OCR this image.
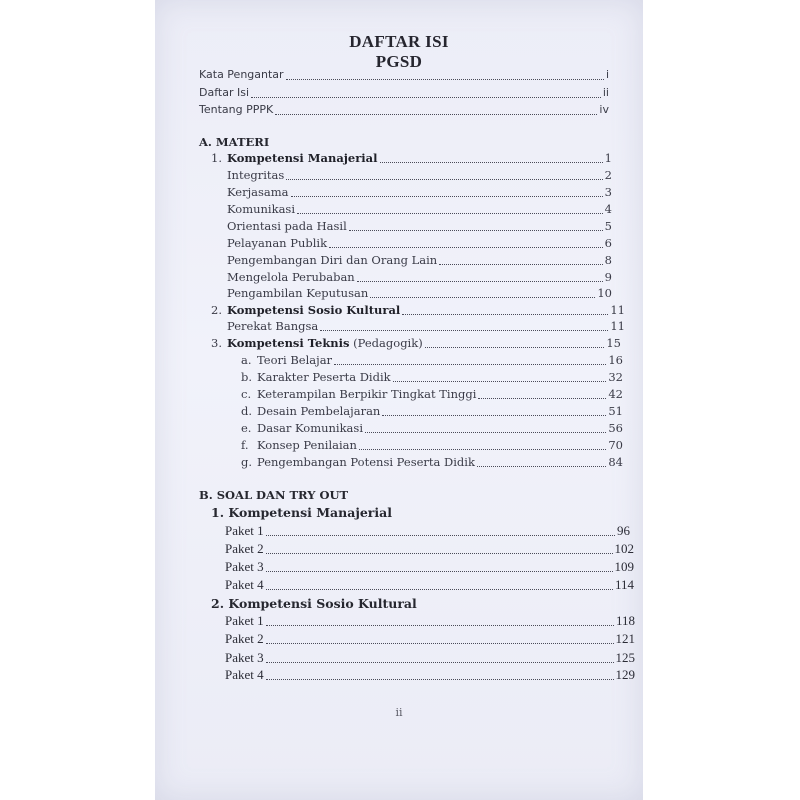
DAFTAR ISI
PGSD
Kata Pengantar	i
Daftar Isi	ii
Tentang PPPK	iv
A. MATERI
1. Kompetensi Manajerial	1
Integritas	2
Kerjasama	3
Komunikasi	4
Orientasi pada Hasil	5
Pelayanan Publik	6
Pengembangan Diri dan Orang Lain	8
Mengelola Perubaban	9
Pengambilan Keputusan	10
2. Kompetensi Sosio Kultural	11
Perekat Bangsa	11
3. Kompetensi Teknis (Pedagogik)	15
a. Teori Belajar	16
b. Karakter Peserta Didik	32
c. Keterampilan Berpikir Tingkat Tinggi	42
d. Desain Pembelajaran	51
e. Dasar Komunikasi	56
f. Konsep Penilaian	70
g. Pengembangan Potensi Peserta Didik	84
B. SOAL DAN TRY OUT
1. Kompetensi Manajerial
Paket 1	96
Paket 2	102
Paket 3	109
Paket 4	114
2. Kompetensi Sosio Kultural
Paket 1	118
Paket 2	121
Paket 3	125
Paket 4	129
ii
